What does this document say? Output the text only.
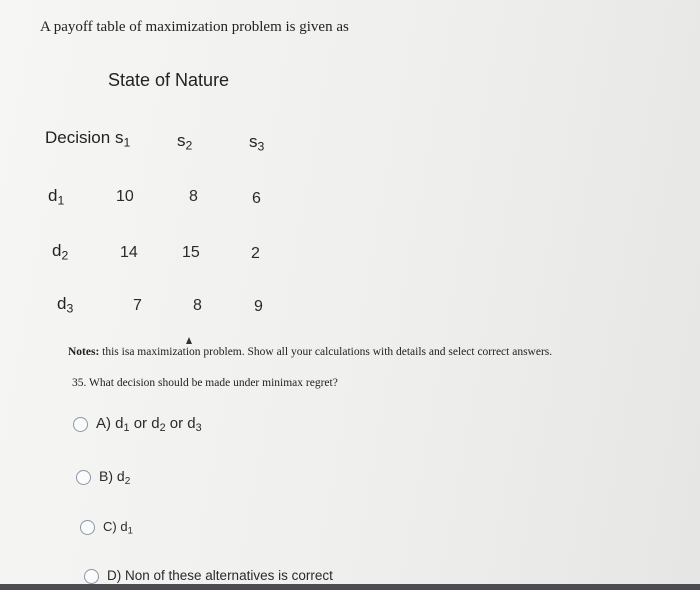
A payoff table of maximization problem is given as
State of Nature
Decision $s_1$	$s_2$	$s_3$
$d_1$	10	8	6
$d_2$	14	15	2
$d_3$	7	8	9
Notes: this isa maximization problem. Show all your calculations with details and select correct answers.
35. What decision should be made under minimax regret?
A) $d_1$ or $d_2$ or $d_3$
B) $d_2$
C) $d_1$
D) Non of these alternatives is correct
